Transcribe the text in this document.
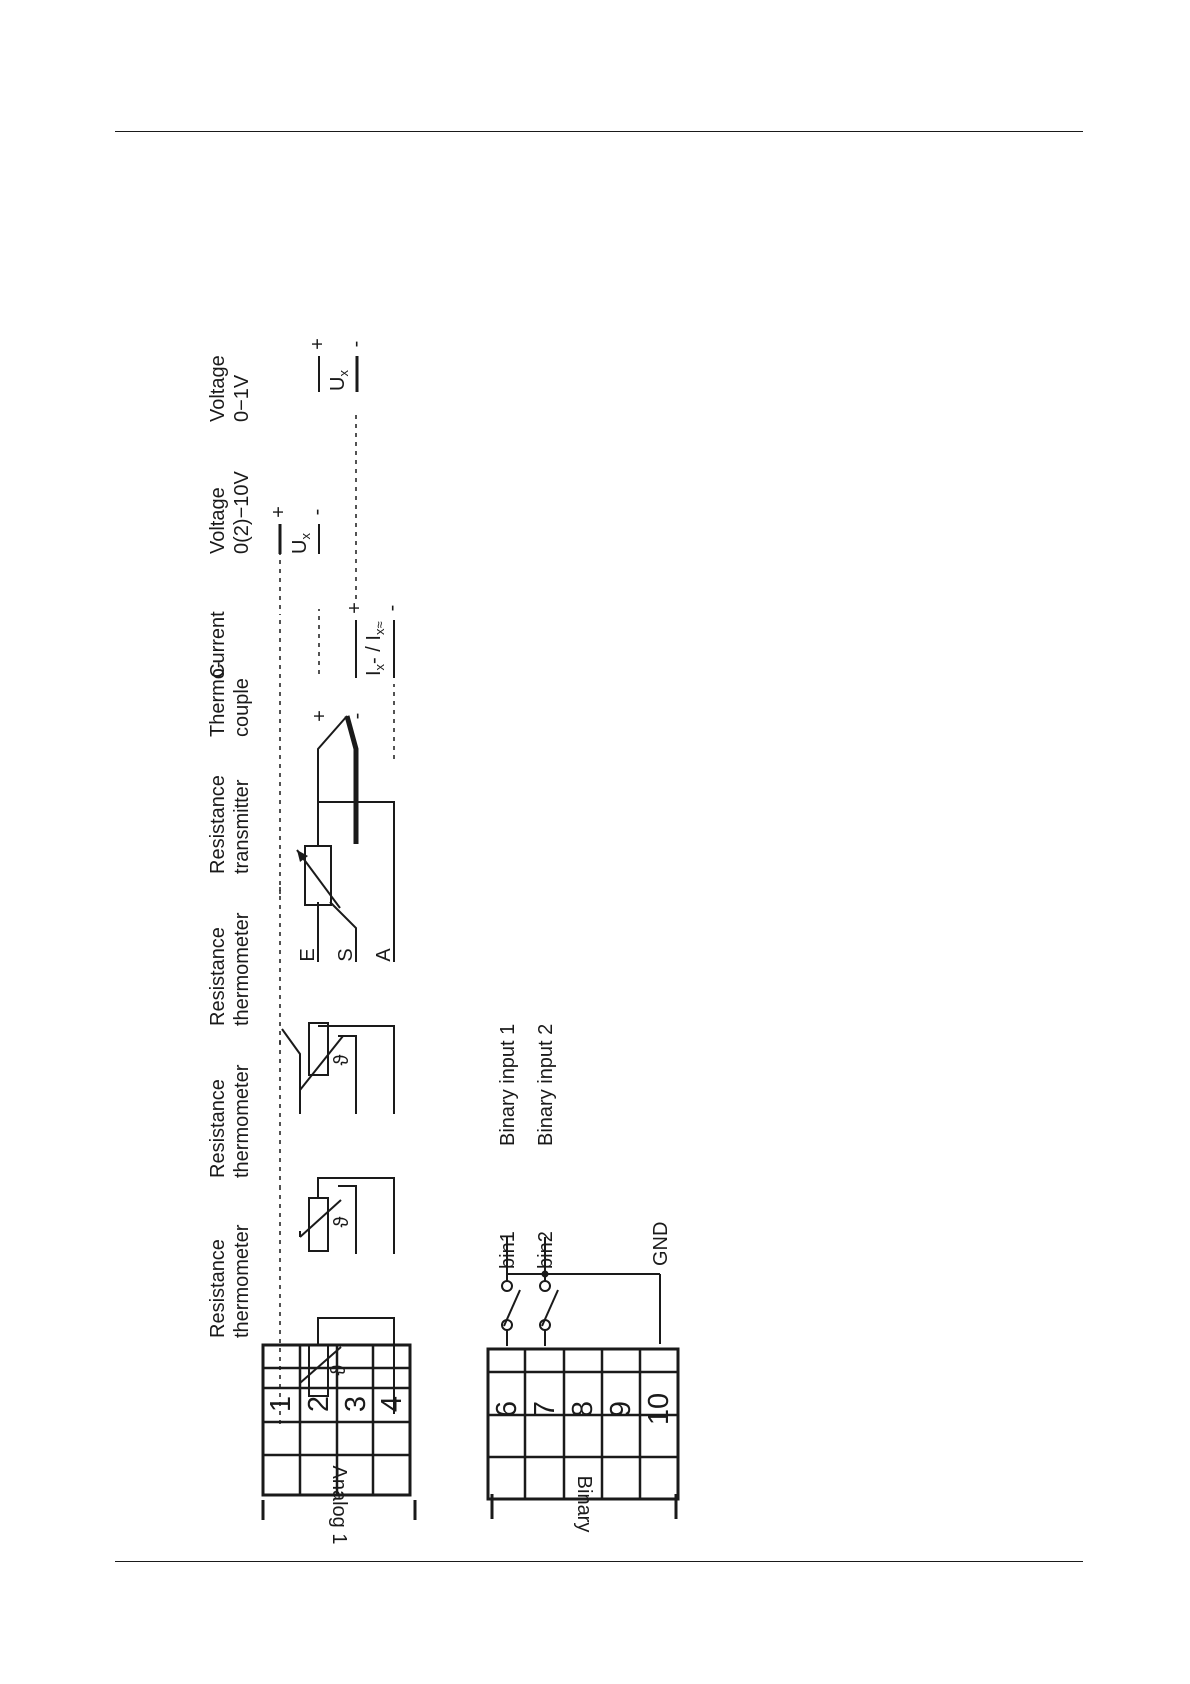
1 2 3 4
Analog 1
6 7 8 9 10
Binary
Resistance thermometer
Resistance thermometer
Resistance thermometer
Resistance transmitter
Thermo- couple
Current
Voltage 0(2)−10V
Voltage 0−1V
ϑ
ϑ
ϑ
E S A
+ -
+ -
$I_x- / I_{x\approx}$
+ -
$U_x$
+ -
$U_x$
bin1 bin2	GND
Binary input 1 Binary input 2
